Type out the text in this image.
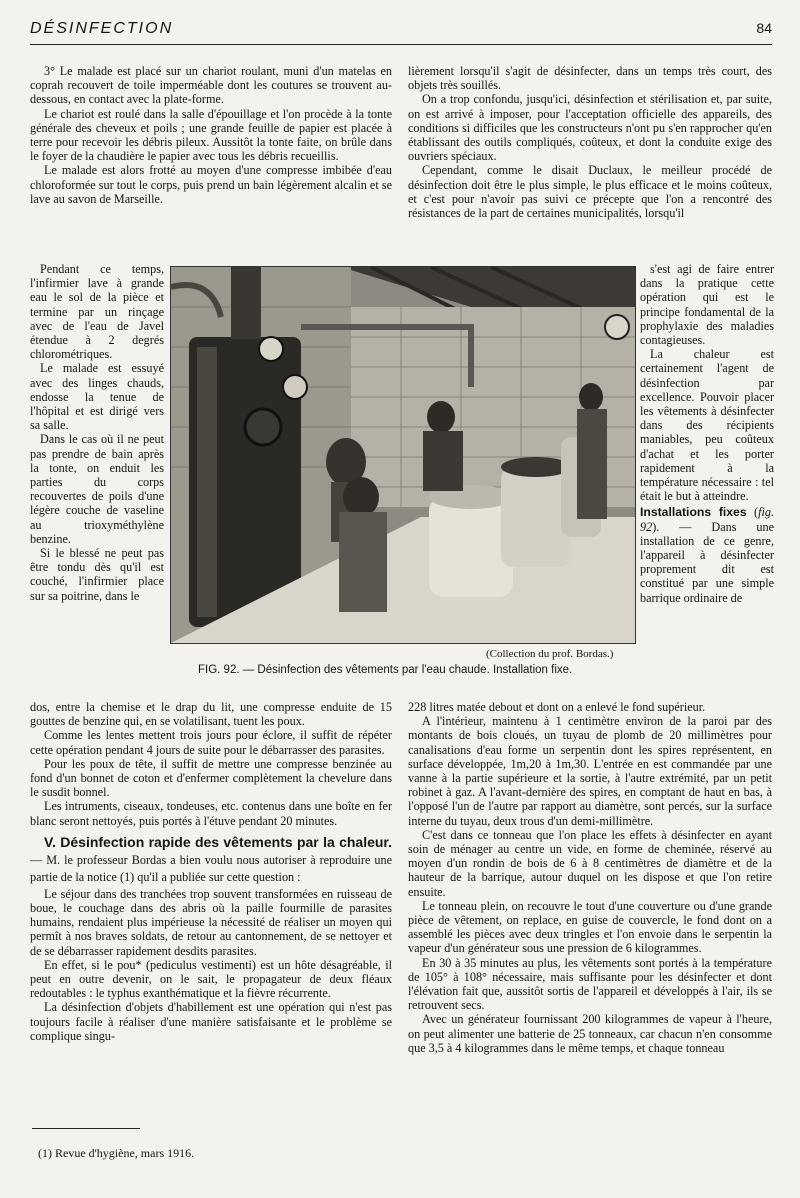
DÉSINFECTION	84

3° Le malade est placé sur un chariot roulant, muni d'un matelas en coprah recouvert de toile imperméable dont les coutures se trouvent au-dessous, en contact avec la plate-forme.

Le chariot est roulé dans la salle d'épouillage et l'on procède à la tonte générale des cheveux et poils ; une grande feuille de papier est placée à terre pour recevoir les débris pileux. Aussitôt la tonte faite, on brûle dans le foyer de la chaudière le papier avec tous les débris recueillis.

Le malade est alors frotté au moyen d'une compresse imbibée d'eau chloroformée sur tout le corps, puis prend un bain légèrement alcalin et se lave au savon de Marseille.

lièrement lorsqu'il s'agit de désinfecter, dans un temps très court, des objets très souillés.

On a trop confondu, jusqu'ici, désinfection et stérilisation et, par suite, on est arrivé à imposer, pour l'acceptation officielle des appareils, des conditions si difficiles que les constructeurs n'ont pu s'en rapprocher qu'en établissant des outils compliqués, coûteux, et dont la conduite exige des ouvriers spéciaux.

Cependant, comme le disait Duclaux, le meilleur procédé de désinfection doit être le plus simple, le plus efficace et le moins coûteux, et c'est pour n'avoir pas suivi ce précepte que l'on a rencontré des résistances de la part de certaines municipalités, lorsqu'il

Pendant ce temps, l'infirmier lave à grande eau le sol de la pièce et termine par un rinçage avec de l'eau de Javel étendue à 2 degrés chlorométriques.

Le malade est essuyé avec des linges chauds, endosse la tenue de l'hôpital et est dirigé vers sa salle.

Dans le cas où il ne peut pas prendre de bain après la tonte, on enduit les parties du corps recouvertes de poils d'une légère couche de vaseline au trioxyméthylène benzine.

Si le blessé ne peut pas être tondu dès qu'il est couché, l'infirmier place sur sa poitrine, dans le

s'est agi de faire entrer dans la pratique cette opération qui est le principe fondamental de la prophylaxie des maladies contagieuses.

La chaleur est certainement l'agent de désinfection par excellence. Pouvoir placer les vêtements à désinfecter dans des récipients maniables, peu coûteux d'achat et les porter rapidement à la température nécessaire : tel était le but à atteindre.

Installations fixes (fig. 92). — Dans une installation de ce genre, l'appareil à désinfecter proprement dit est constitué par une simple barrique ordinaire de

(Collection du prof. Bordas.)
FIG. 92. — Désinfection des vêtements par l'eau chaude. Installation fixe.

dos, entre la chemise et le drap du lit, une compresse enduite de 15 gouttes de benzine qui, en se volatilisant, tuent les poux.

Comme les lentes mettent trois jours pour éclore, il suffit de répéter cette opération pendant 4 jours de suite pour le débarrasser des parasites.

Pour les poux de tête, il suffit de mettre une compresse benzinée au fond d'un bonnet de coton et d'enfermer complètement la chevelure dans le susdit bonnel.

Les intruments, ciseaux, tondeuses, etc. contenus dans une boîte en fer blanc seront nettoyés, puis portés à l'étuve pendant 20 minutes.

V. Désinfection rapide des vêtements par la chaleur. — M. le professeur Bordas a bien voulu nous autoriser à reproduire une partie de la notice (1) qu'il a publiée sur cette question :

Le séjour dans des tranchées trop souvent transformées en ruisseau de boue, le couchage dans des abris où la paille fourmille de parasites humains, rendaient plus impérieuse la nécessité de réaliser un moyen qui permît à nos braves soldats, de retour au cantonnement, de se nettoyer et de se débarrasser rapidement desdits parasites.

En effet, si le pou* (pediculus vestimenti) est un hôte désagréable, il peut en outre devenir, on le sait, le propagateur de deux fléaux redoutables : le typhus exanthématique et la fièvre récurrente.

La désinfection d'objets d'habillement est une opération qui n'est pas toujours facile à réaliser d'une manière satisfaisante et le problème se complique singu-

228 litres matée debout et dont on a enlevé le fond supérieur.

A l'intérieur, maintenu à 1 centimètre environ de la paroi par des montants de bois cloués, un tuyau de plomb de 20 millimètres pour canalisations d'eau forme un serpentin dont les spires représentent, en surface développée, 1m,20 à 1m,30. L'entrée en est commandée par une vanne à la partie supérieure et la sortie, à l'autre extrémité, par un petit robinet à gaz. A l'avant-dernière des spires, en comptant de haut en bas, à l'opposé l'un de l'autre par rapport au diamètre, sont percés, sur la surface interne du tuyau, deux trous d'un demi-millimètre.

C'est dans ce tonneau que l'on place les effets à désinfecter en ayant soin de ménager au centre un vide, en forme de cheminée, réservé au moyen d'un rondin de bois de 6 à 8 centimètres de diamètre et de la hauteur de la barrique, autour duquel on les dispose et que l'on retire ensuite.

Le tonneau plein, on recouvre le tout d'une couverture ou d'une grande pièce de vêtement, on replace, en guise de couvercle, le fond dont on a assemblé les pièces avec deux tringles et l'on envoie dans le serpentin la vapeur d'un générateur sous une pression de 6 kilogrammes.

En 30 à 35 minutes au plus, les vêtements sont portés à la température de 105° à 108° nécessaire, mais suffisante pour les désinfecter et dont l'élévation fait que, aussitôt sortis de l'appareil et développés à l'air, ils se retrouvent secs.

Avec un générateur fournissant 200 kilogrammes de vapeur à l'heure, on peut alimenter une batterie de 25 tonneaux, car chacun n'en consomme que 3,5 à 4 kilogrammes dans le même temps, et chaque tonneau

(1) Revue d'hygiène, mars 1916.
